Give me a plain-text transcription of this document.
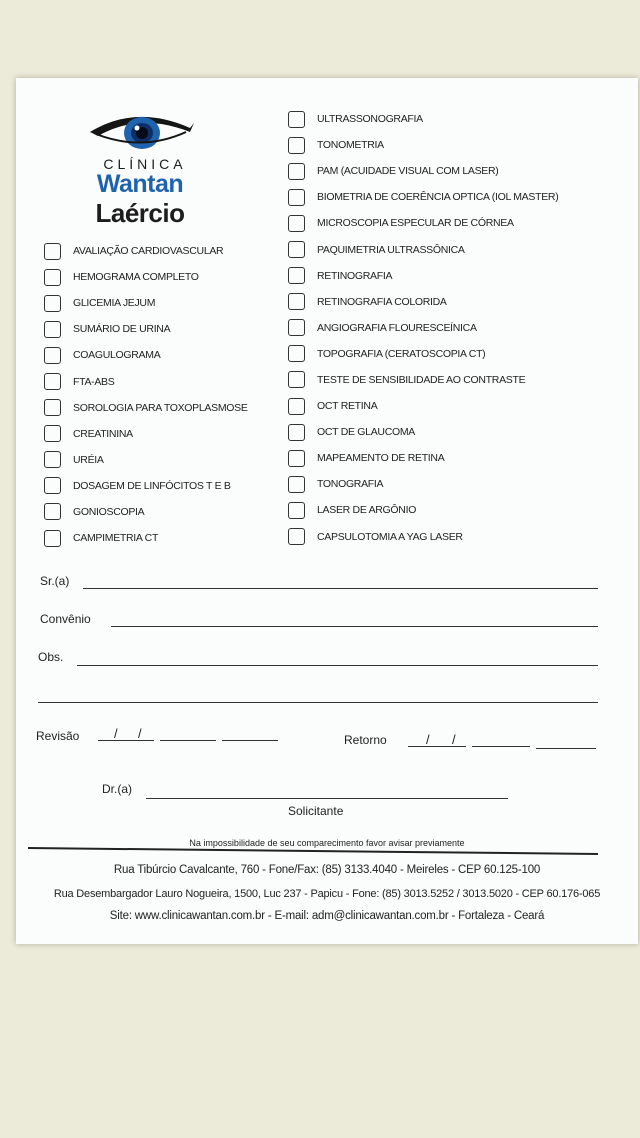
CLÍNICA
Wantan
Laércio
AVALIAÇÃO CARDIOVASCULAR
HEMOGRAMA COMPLETO
GLICEMIA JEJUM
SUMÁRIO DE URINA
COAGULOGRAMA
FTA-ABS
SOROLOGIA PARA TOXOPLASMOSE
CREATININA
URÉIA
DOSAGEM DE LINFÓCITOS T E B
GONIOSCOPIA
CAMPIMETRIA CT
ULTRASSONOGRAFIA
TONOMETRIA
PAM (ACUIDADE VISUAL COM LASER)
BIOMETRIA DE COERÊNCIA OPTICA (IOL MASTER)
MICROSCOPIA ESPECULAR DE CÓRNEA
PAQUIMETRIA ULTRASSÔNICA
RETINOGRAFIA
RETINOGRAFIA COLORIDA
ANGIOGRAFIA FLOURESCEÍNICA
TOPOGRAFIA (CERATOSCOPIA CT)
TESTE DE SENSIBILIDADE AO CONTRASTE
OCT RETINA
OCT DE GLAUCOMA
MAPEAMENTO DE RETINA
TONOGRAFIA
LASER DE ARGÔNIO
CAPSULOTOMIA A YAG LASER
Sr.(a)
Convênio
Obs.
Revisão	/ /	Retorno	/ /
Dr.(a)
Solicitante
Na impossibilidade de seu comparecimento favor avisar previamente
Rua Tibúrcio Cavalcante, 760 - Fone/Fax: (85) 3133.4040 - Meireles - CEP 60.125-100
Rua Desembargador Lauro Nogueira, 1500, Luc 237 - Papicu - Fone: (85) 3013.5252 / 3013.5020 - CEP 60.176-065
Site: www.clinicawantan.com.br - E-mail: adm@clinicawantan.com.br - Fortaleza - Ceará
